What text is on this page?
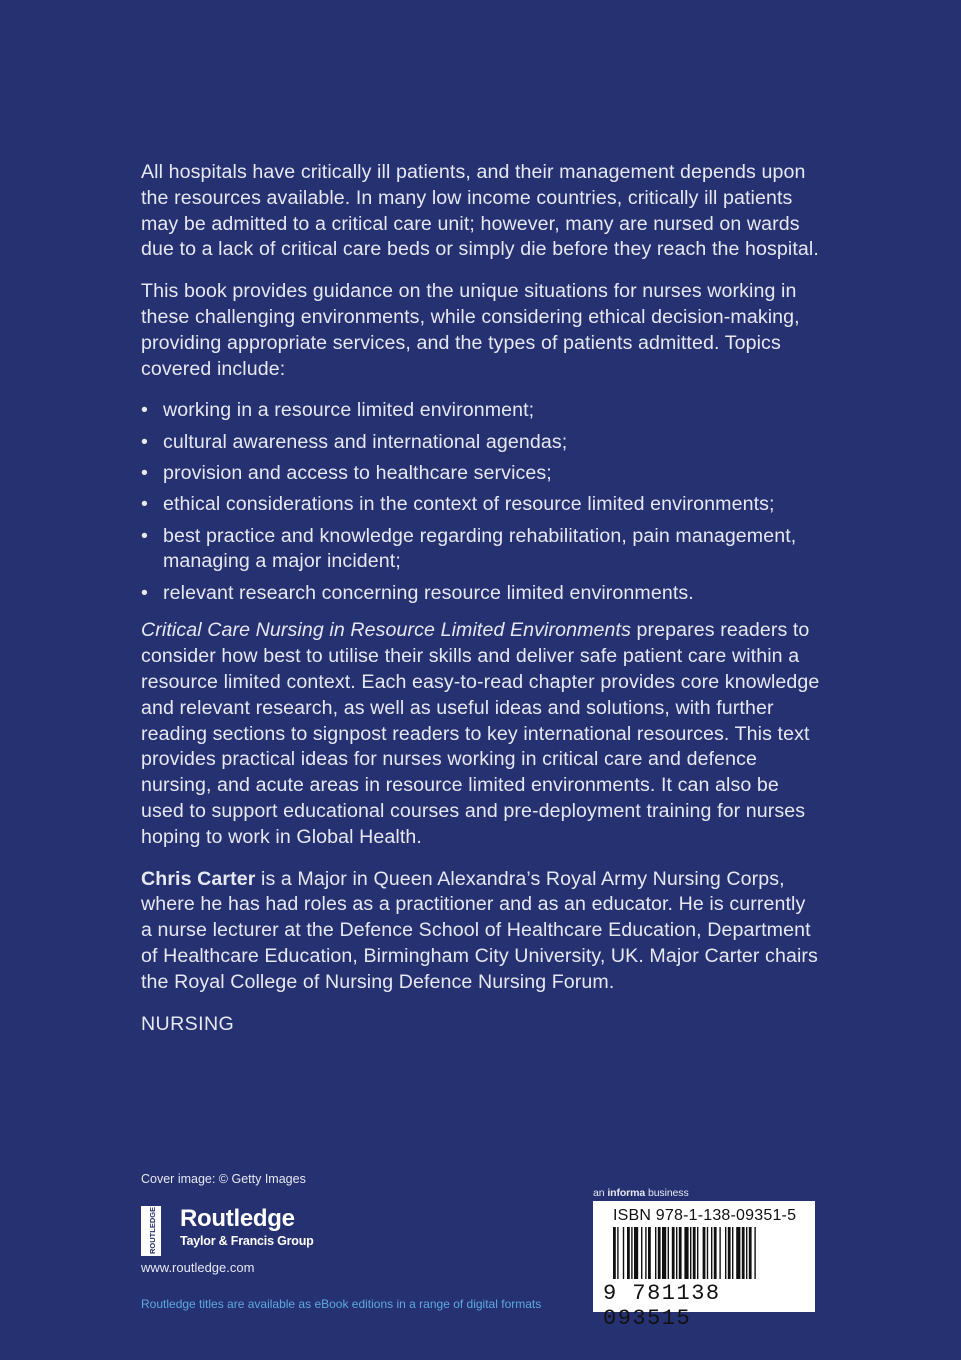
All hospitals have critically ill patients, and their management depends upon the resources available. In many low income countries, critically ill patients may be admitted to a critical care unit; however, many are nursed on wards due to a lack of critical care beds or simply die before they reach the hospital.

This book provides guidance on the unique situations for nurses working in these challenging environments, while considering ethical decision-making, providing appropriate services, and the types of patients admitted. Topics covered include:

• working in a resource limited environment;
• cultural awareness and international agendas;
• provision and access to healthcare services;
• ethical considerations in the context of resource limited environments;
• best practice and knowledge regarding rehabilitation, pain management, managing a major incident;
• relevant research concerning resource limited environments.

Critical Care Nursing in Resource Limited Environments prepares readers to consider how best to utilise their skills and deliver safe patient care within a resource limited context. Each easy-to-read chapter provides core knowledge and relevant research, as well as useful ideas and solutions, with further reading sections to signpost readers to key international resources. This text provides practical ideas for nurses working in critical care and defence nursing, and acute areas in resource limited environments. It can also be used to support educational courses and pre-deployment training for nurses hoping to work in Global Health.

Chris Carter is a Major in Queen Alexandra’s Royal Army Nursing Corps, where he has had roles as a practitioner and as an educator. He is currently a nurse lecturer at the Defence School of Healthcare Education, Department of Healthcare Education, Birmingham City University, UK. Major Carter chairs the Royal College of Nursing Defence Nursing Forum.

NURSING
Cover image: © Getty Images
ROUTLEDGE Routledge
Taylor & Francis Group
www.routledge.com
Routledge titles are available as eBook editions in a range of digital formats
an informa business
ISBN 978-1-138-09351-5
9 781138 093515
